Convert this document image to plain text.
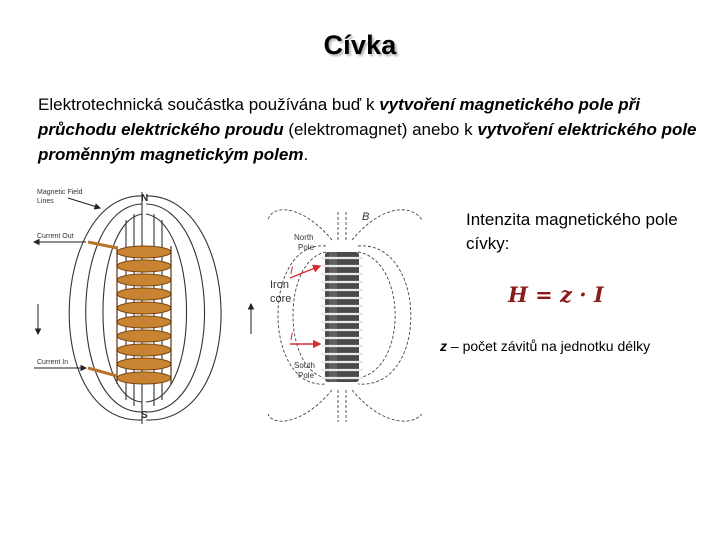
Cívka
Elektrotechnická součástka používána buď k vytvoření magnetického pole při průchodu elektrického proudu (elektromagnet) anebo k vytvoření elektrického pole proměnným magnetickým polem.
Magnetic Field
Lines
Current Out
Current In
N
S
B
North
Pole
I
Iron
core
I
South
Pole
Intenzita magnetického pole cívky:
H = z · I
z – počet závitů na jednotku délky
